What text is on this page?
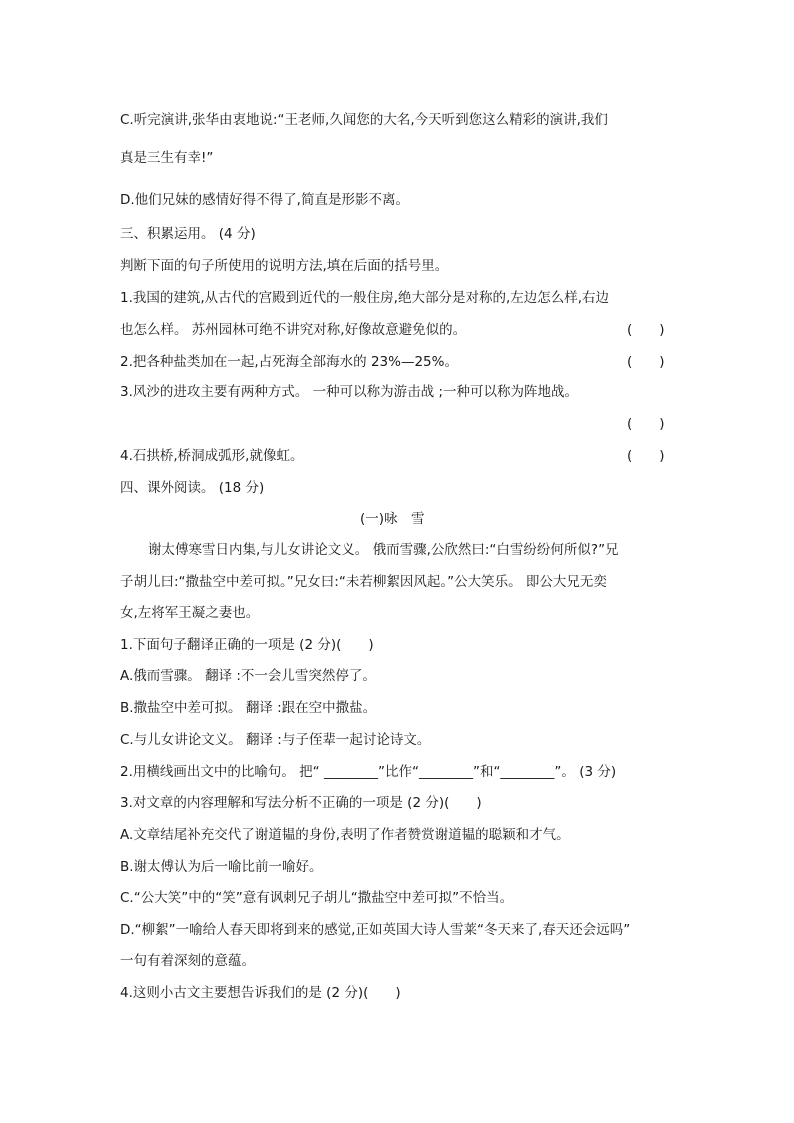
C.听完演讲,张华由衷地说:“王老师,久闻您的大名,今天听到您这么精彩的演讲,我们
真是三生有幸!”
D.他们兄妹的感情好得不得了,简直是形影不离。
三、积累运用。 (4 分)
判断下面的句子所使用的说明方法,填在后面的括号里。
1.我国的建筑,从古代的宫殿到近代的一般住房,绝大部分是对称的,左边怎么样,右边
也怎么样。 苏州园林可绝不讲究对称,好像故意避免似的。	(　　)
2.把各种盐类加在一起,占死海全部海水的 23%—25%。	(　　)
3.风沙的进攻主要有两种方式。 一种可以称为游击战 ;一种可以称为阵地战。
(　　)
4.石拱桥,桥洞成弧形,就像虹。	(　　)
四、课外阅读。 (18 分)
(一)咏　雪
谢太傅寒雪日内集,与儿女讲论文义。 俄而雪骤,公欣然曰:“白雪纷纷何所似?”兄
子胡儿曰:“撒盐空中差可拟。”兄女曰:“未若柳絮因风起。”公大笑乐。 即公大兄无奕
女,左将军王凝之妻也。
1.下面句子翻译正确的一项是 (2 分)(　　)
A.俄而雪骤。 翻译 :不一会儿雪突然停了。
B.撒盐空中差可拟。 翻译 :跟在空中撒盐。
C.与儿女讲论文义。 翻译 :与子侄辈一起讨论诗文。
2.用横线画出文中的比喻句。 把“ ________”比作“________”和“________”。 (3 分)
3.对文章的内容理解和写法分析不正确的一项是 (2 分)(　　)
A.文章结尾补充交代了谢道韫的身份,表明了作者赞赏谢道韫的聪颖和才气。
B.谢太傅认为后一喻比前一喻好。
C.“公大笑”中的“笑”意有讽刺兄子胡儿“撒盐空中差可拟”不恰当。
D.“柳絮”一喻给人春天即将到来的感觉,正如英国大诗人雪莱“冬天来了,春天还会远吗”
一句有着深刻的意蕴。
4.这则小古文主要想告诉我们的是 (2 分)(　　)
